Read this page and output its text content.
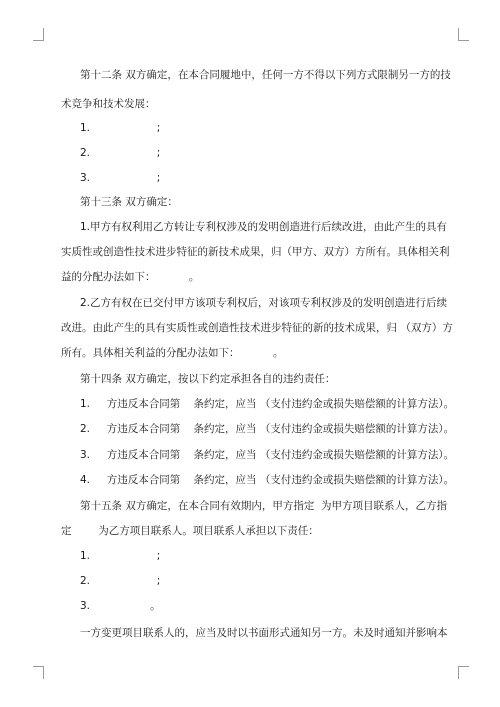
第十二条 双方确定，在本合同履地中，任何一方不得以下列方式限制另一方的技
术竞争和技术发展：
1.                    ;
2.                    ;
3.                    ;
第十三条 双方确定：
1.甲方有权利用乙方转让专利权涉及的发明创造进行后续改进，由此产生的具有
实质性或创造性技术进步特征的新技术成果，归（甲方、双方）方所有。具体相关利
益的分配办法如下：          。
2.乙方有权在已交付甲方该项专利权后，对该项专利权涉及的发明创造进行后续
改进。由此产生的具有实质性或创造性技术进步特征的新的技术成果，归 （双方）方
所有。具体相关利益的分配办法如下：          。
第十四条 双方确定，按以下约定承担各自的违约责任：
1.     方违反本合同第    条约定，应当 （支付违约金或损失赔偿额的计算方法）。
2.     方违反本合同第    条约定，应当 （支付违约金或损失赔偿额的计算方法）。
3.     方违反本合同第    条约定，应当 （支付违约金或损失赔偿额的计算方法）。
4.     方违反本合同第    条约定，应当 （支付违约金或损失赔偿额的计算方法）。
第十五条 双方确定，在本合同有效期内，甲方指定  为甲方项目联系人，乙方指
定        为乙方项目联系人。项目联系人承担以下责任：
1.                    ;
2.                    ;
3.                  。
一方变更项目联系人的，应当及时以书面形式通知另一方。未及时通知并影响本
